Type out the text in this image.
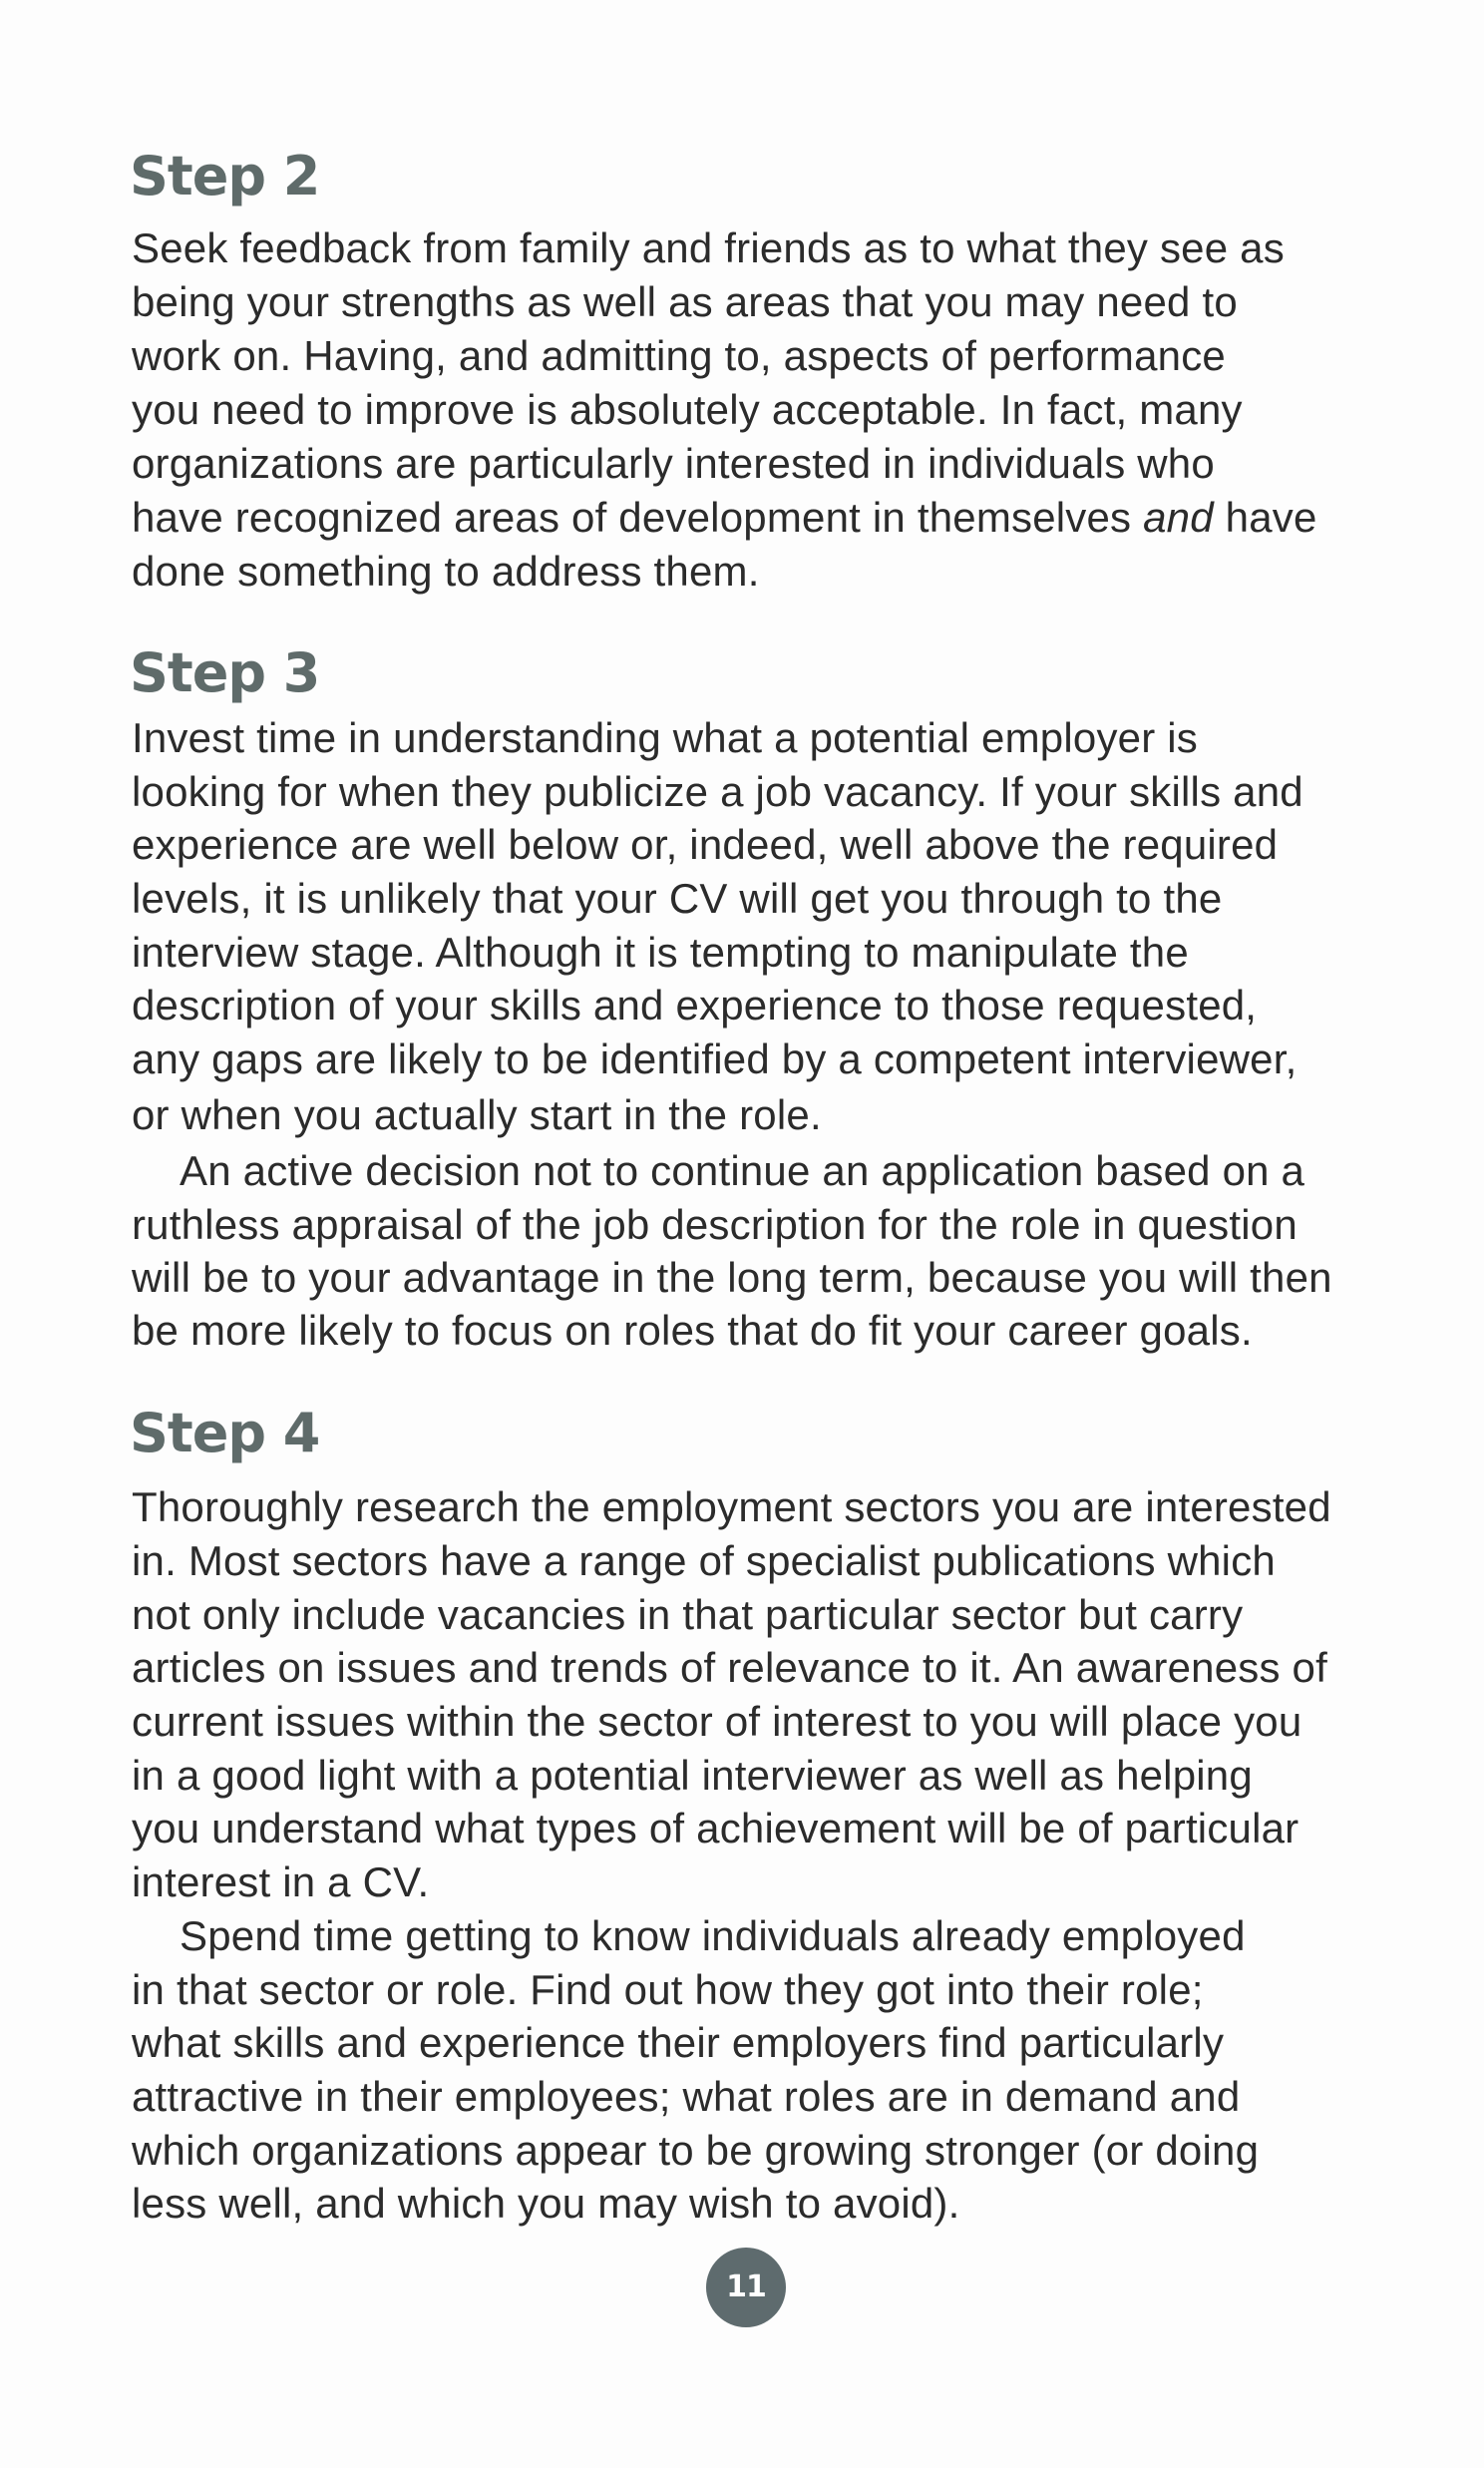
Step 2

Seek feedback from family and friends as to what they see as

being your strengths as well as areas that you may need to

work on. Having, and admitting to, aspects of performance

you need to improve is absolutely acceptable. In fact, many

organizations are particularly interested in individuals who

have recognized areas of development in themselves and have

done something to address them.

Step 3

Invest time in understanding what a potential employer is

looking for when they publicize a job vacancy. If your skills and

experience are well below or, indeed, well above the required

levels, it is unlikely that your CV will get you through to the

interview stage. Although it is tempting to manipulate the

description of your skills and experience to those requested,

any gaps are likely to be identified by a competent interviewer,

or when you actually start in the role.

An active decision not to continue an application based on a

ruthless appraisal of the job description for the role in question

will be to your advantage in the long term, because you will then

be more likely to focus on roles that do fit your career goals.

Step 4

Thoroughly research the employment sectors you are interested

in. Most sectors have a range of specialist publications which

not only include vacancies in that particular sector but carry

articles on issues and trends of relevance to it. An awareness of

current issues within the sector of interest to you will place you

in a good light with a potential interviewer as well as helping

you understand what types of achievement will be of particular

interest in a CV.

Spend time getting to know individuals already employed

in that sector or role. Find out how they got into their role;

what skills and experience their employers find particularly

attractive in their employees; what roles are in demand and

which organizations appear to be growing stronger (or doing

less well, and which you may wish to avoid).

11
